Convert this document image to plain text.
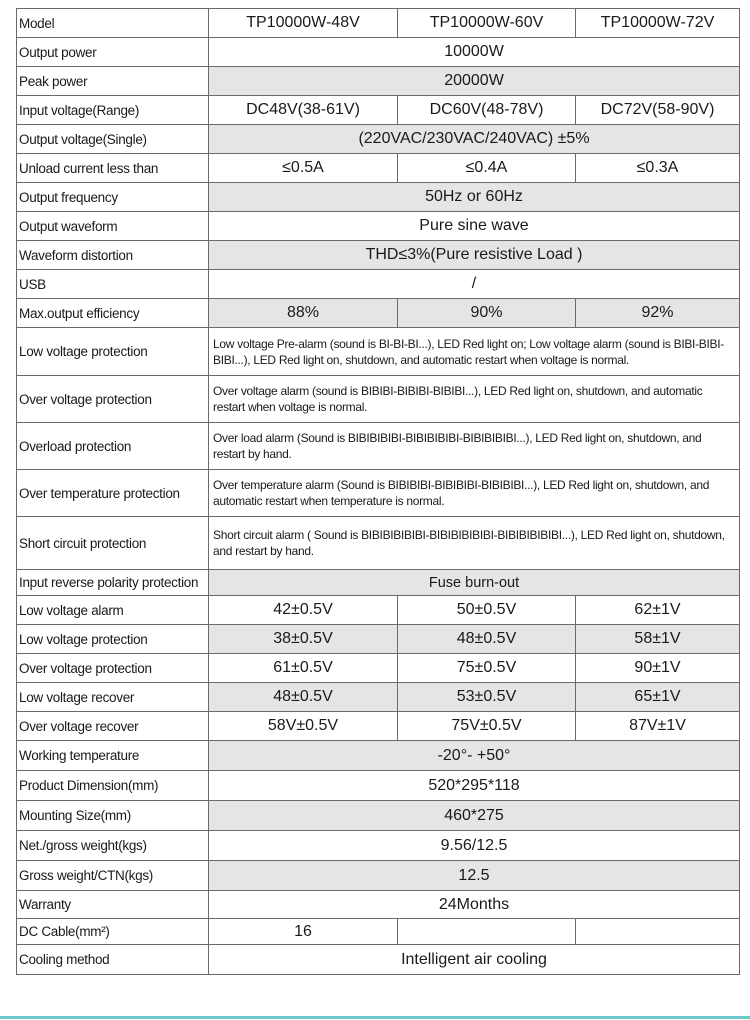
Model	TP10000W-48V	TP10000W-60V	TP10000W-72V
Output power	10000W		
Peak power	20000W		
Input voltage(Range)	DC48V(38-61V)	DC60V(48-78V)	DC72V(58-90V)
Output voltage(Single)	(220VAC/230VAC/240VAC) ±5%		
Unload current less than	≤0.5A	≤0.4A	≤0.3A
Output frequency	50Hz or 60Hz		
Output waveform	Pure sine wave		
Waveform distortion	THD≤3%(Pure resistive Load )		
USB	/		
Max.output efficiency	88%	90%	92%
Low voltage protection	Low voltage Pre-alarm (sound is BI-BI-BI...), LED Red light on; Low voltage alarm (sound is BIBI-BIBI-BIBI...), LED Red light on, shutdown, and automatic restart when voltage is normal.		
Over voltage protection	Over voltage alarm (sound is BIBIBI-BIBIBI-BIBIBI...), LED Red light on, shutdown, and automatic restart when voltage is normal.		
Overload protection	Over load alarm (Sound is BIBIBIBIBI-BIBIBIBIBI-BIBIBIBIBI...), LED Red light on, shutdown, and restart by hand.		
Over temperature protection	Over temperature alarm (Sound is BIBIBIBI-BIBIBIBI-BIBIBIBI...), LED Red light on, shutdown, and automatic restart when temperature is normal.		
Short circuit protection	Short circuit alarm ( Sound is BIBIBIBIBIBI-BIBIBIBIBIBI-BIBIBIBIBIBI...), LED Red light on, shutdown, and restart by hand.		
Input reverse polarity protection	Fuse burn-out		
Low voltage alarm	42±0.5V	50±0.5V	62±1V
Low voltage protection	38±0.5V	48±0.5V	58±1V
Over voltage protection	61±0.5V	75±0.5V	90±1V
Low voltage recover	48±0.5V	53±0.5V	65±1V
Over voltage recover	58V±0.5V	75V±0.5V	87V±1V
Working temperature	-20°- +50°		
Product Dimension(mm)	520*295*118		
Mounting Size(mm)	460*275		
Net./gross weight(kgs)	9.56/12.5		
Gross weight/CTN(kgs)	12.5		
Warranty	24Months		
DC Cable(mm²)	16		
Cooling method	Intelligent air cooling		
